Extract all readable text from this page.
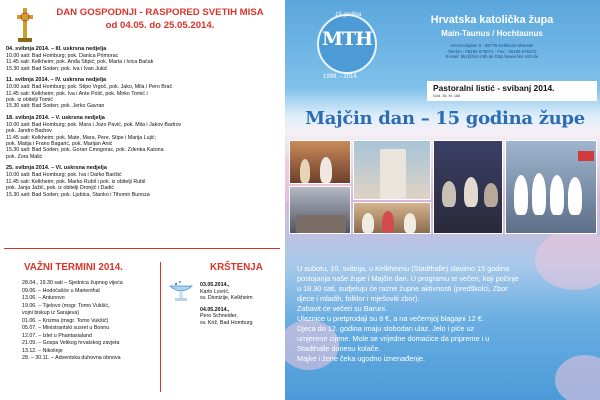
DAN GOSPODNJI - RASPORED SVETIH MISA
od 04.05. do 25.05.2014.
04. svibnja 2014. – III. uskrsna nedjelja
10.00 sati: Bad Homburg; pok. Danica Primorac
11.45 sati: Kelkheim; pok. Anđa Stipić; pok. Marta i Ivica Bačak
15.30 sati: Bad Soden; pok. Iva i Ivan Jukić
11. svibnja 2014. – IV. uskrsna nedjelja
10.00 sati: Bad Homburg; pok. Stipo Vrgoč, pok. Jako, Mila i Pero Brač
11.45 sati: Kelkheim; pok. Iva i Ante Polić, pok. Mirko Tomić i
pok. iz obitelji Tomić
15.30 sati: Bad Soden; pok. Jerko Gavran
18. svibnja 2014. – V. uskrsna nedjelja
10.00 sati: Bad Homburg; pok. Mara i Jozo Pavić, pok. Mila i Jakov Badrov
pok. Jandro Badrov
11.45 sati: Kelkheim; pok. Mate, Mara, Pere, Stipe i Marija Lujić;
pok. Matija i Frano Bagarić, pok. Marijan Anić
15.30 sati: Bad Soden; pok. Goran Cmogorac, pok. Zdenka Katona
pok. Zora Malić
25. svibnja 2014. – VI. uskrsna nedjelja
10.00 sati: Bad Homburg; pok. Iva i Darko Barišić
11.45 sati: Kelkheim; pok. Marko Rubil i pok. iz obitelji Rubil
pok. Janja Jažić, pok. iz obitelji Dronjić i Dadić
15.30 sati: Bad Soden; pok. Ljubica, Stanko i Tihomir Bunoza
VAŽNI TERMINI 2014.
28.04., 19.30 sati – Sjednica župnog vijeća
09.06. – Hodočašće u Marienthal
13.06. – Antunovo
19.06. – Tijelovo (msgr. Tomo Vukšić,
vojni biskup iz Sarajeva)
01.06. – Krizma (msgr. Tomo Vukšić)
05.07. – Ministrantski susret u Bonnu
12.07. – Izlet u Phantasialand
21.09. – Gospa Velikog hrvatskog zavjeta
13.12. – Nikolinje
28. – 30.11. – Adventska duhovna obnova
KRŠTENJA
03.05.2014.,
Karlo Lovrić,
sv. Dionizije, Kelkheim
04.05.2014.,
Pero Schneider,
sv. Križ, Bad Homburg
15 godina
MTH
1999. - 2014.
Hrvatska katolička župa
Main-Taunus / Hochtaunus
Am Kochplatz 8 - 65779 Kelkheim-Münster
Telefon : 06195 976071 - Fax : 06195 976072
E-Mail: hkz@hkz-mth.de http://www.hkz-mth.de
Pastoralni listić - svibanj 2014.
God. 16. br. 165
Majčin dan – 15 godina župe
U subotu, 10. svibnja, u Kelkheimu (Stadthalle) slavimo 15 godina
postojanja naše župe i Majčin dan. U programu te večeri, koji počinje
u 18.30 sati, sudjeluju će razne župne aktivnosti (predškolci, Zbor
djece i mladih, folklor i mješoviti zbor).
Zabavit će večeri su Baruni.
Ulaznice u pretprodaji su 8 €, a na večernjoj blagajni 12 €.
Djeca do 12. godina imaju slobodan ulaz. Jelo i piće uz
umjerene cijene. Mole se vrijedne domaćice da pripreme i u
Stadthalle donesu kolače.
Majke i žene čeka ugodno iznenađenje.
